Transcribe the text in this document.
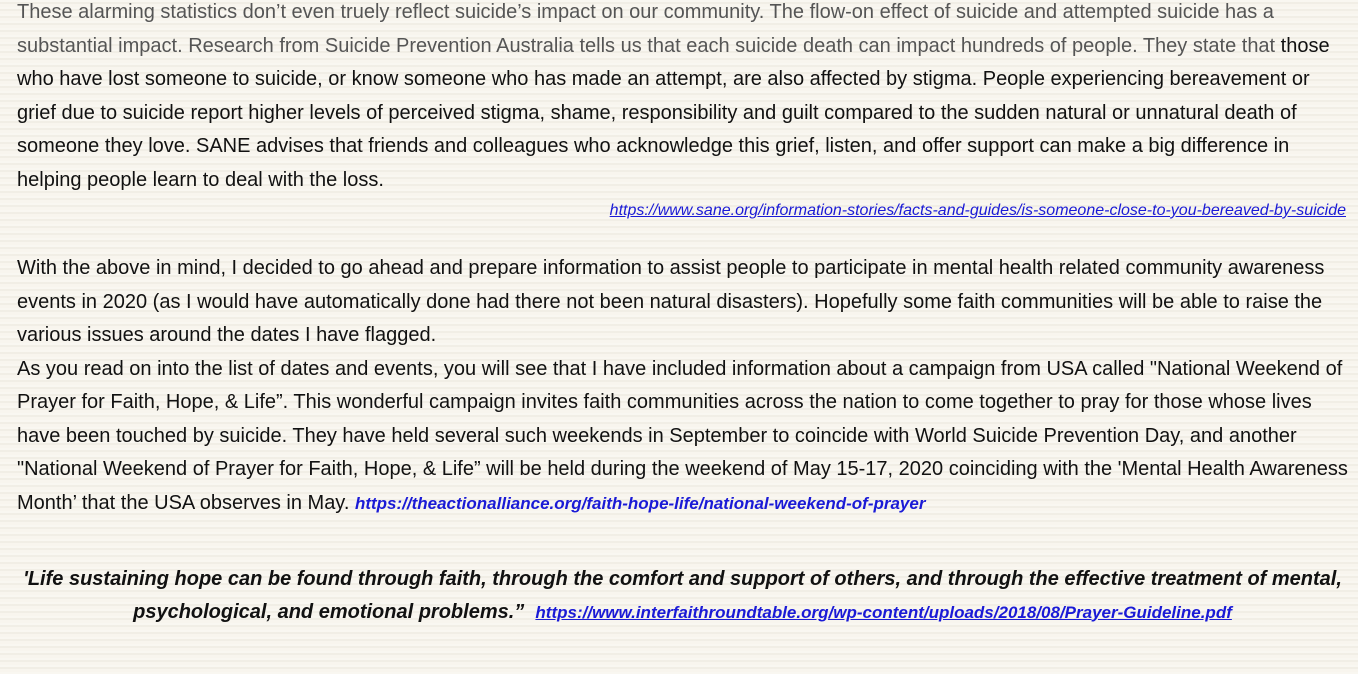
These alarming statistics don’t even truely reflect suicide’s impact on our community. The flow-on effect of suicide and attempted suicide has a substantial impact. Research from Suicide Prevention Australia tells us that each suicide death can impact hundreds of people. They state that those who have lost someone to suicide, or know someone who has made an attempt, are also affected by stigma. People experiencing bereavement or grief due to suicide report higher levels of perceived stigma, shame, responsibility and guilt compared to the sudden natural or unnatural death of someone they love. SANE advises that friends and colleagues who acknowledge this grief, listen, and offer support can make a big difference in helping people learn to deal with the loss.

https://www.sane.org/information-stories/facts-and-guides/is-someone-close-to-you-bereaved-by-suicide

With the above in mind, I decided to go ahead and prepare information to assist people to participate in mental health related community awareness events in 2020 (as I would have automatically done had there not been natural disasters). Hopefully some faith communities will be able to raise the various issues around the dates I have flagged.
As you read on into the list of dates and events, you will see that I have included information about a campaign from USA called "National Weekend of Prayer for Faith, Hope, & Life”. This wonderful campaign invites faith communities across the nation to come together to pray for those whose lives have been touched by suicide. They have held several such weekends in September to coincide with World Suicide Prevention Day, and another "National Weekend of Prayer for Faith, Hope, & Life” will be held during the weekend of May 15-17, 2020 coinciding with the 'Mental Health Awareness Month’ that the USA observes in May. https://theactionalliance.org/faith-hope-life/national-weekend-of-prayer

'Life sustaining hope can be found through faith, through the comfort and support of others, and through the effective treatment of mental, psychological, and emotional problems.” https://www.interfaithroundtable.org/wp-content/uploads/2018/08/Prayer-Guideline.pdf
